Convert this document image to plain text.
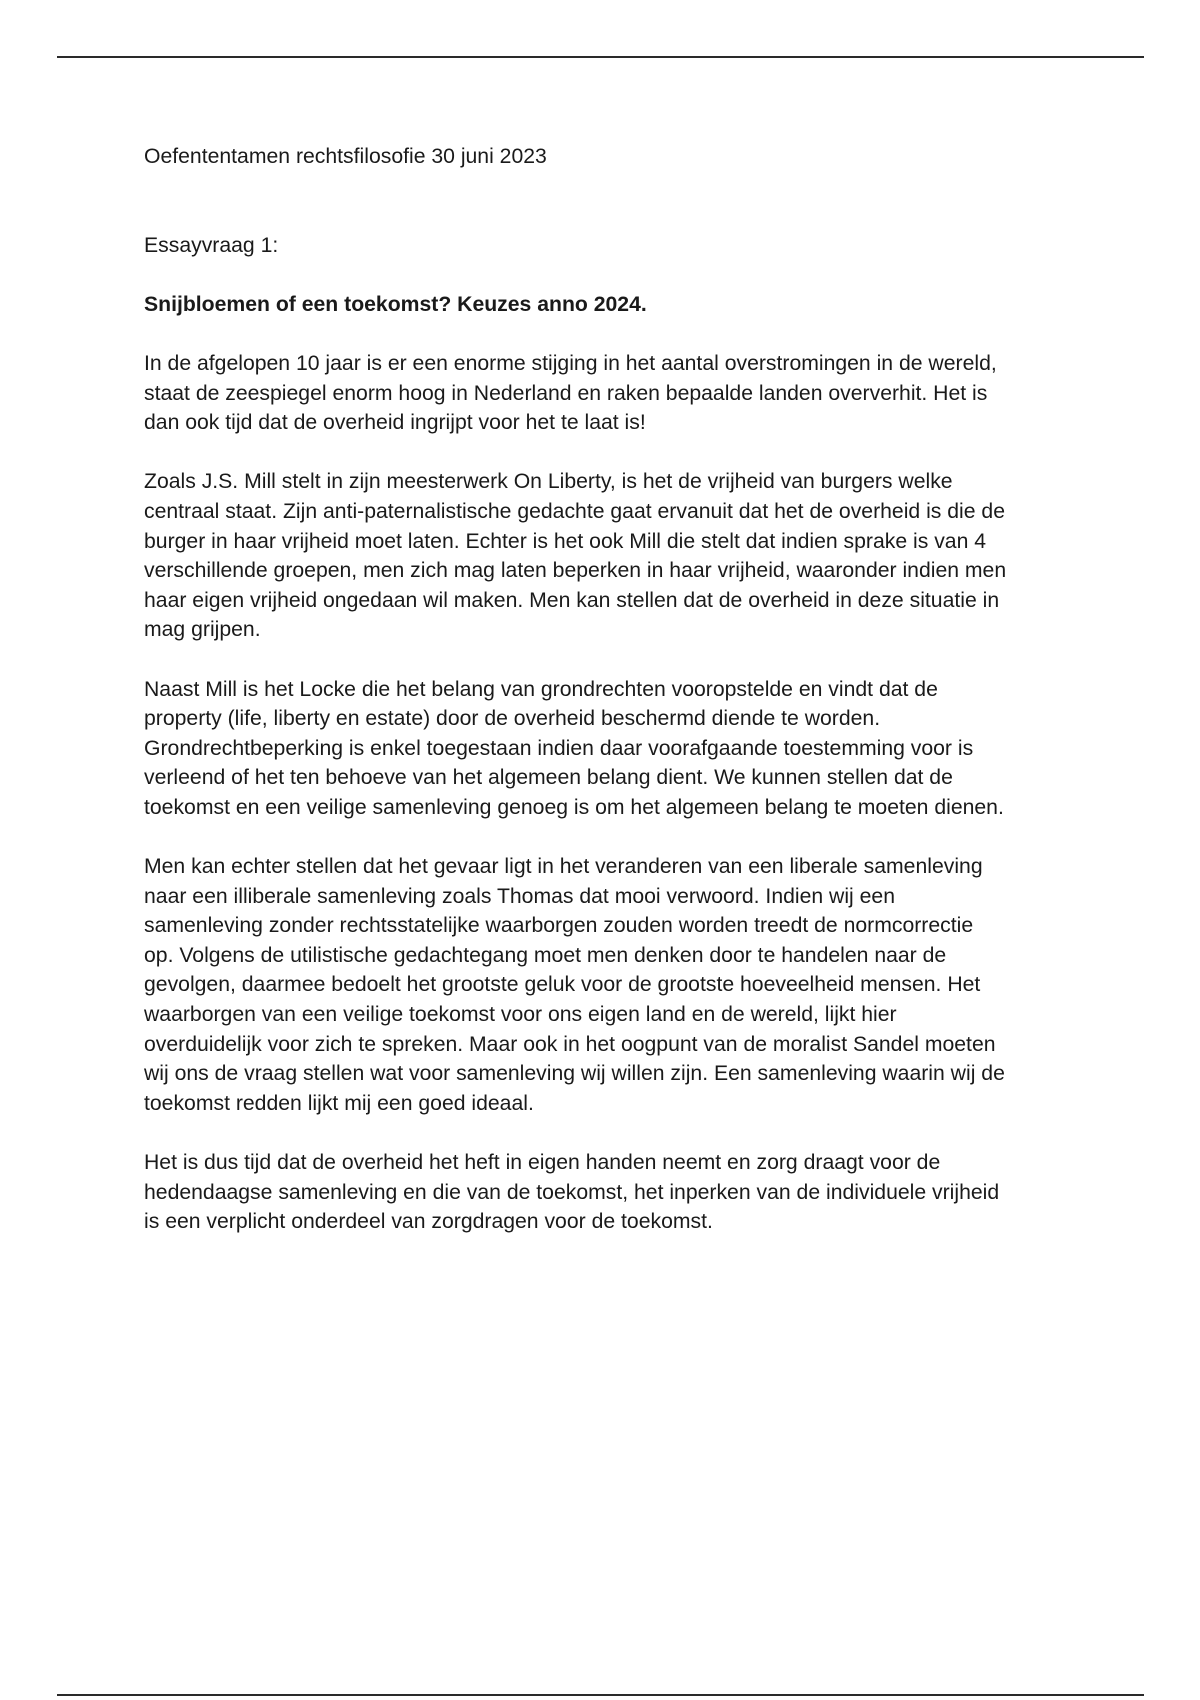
Oefententamen rechtsfilosofie 30 juni 2023

Essayvraag 1:

Snijbloemen of een toekomst? Keuzes anno 2024.

In de afgelopen 10 jaar is er een enorme stijging in het aantal overstromingen in de wereld,
staat de zeespiegel enorm hoog in Nederland en raken bepaalde landen oververhit. Het is
dan ook tijd dat de overheid ingrijpt voor het te laat is!

Zoals J.S. Mill stelt in zijn meesterwerk On Liberty, is het de vrijheid van burgers welke
centraal staat. Zijn anti-paternalistische gedachte gaat ervanuit dat het de overheid is die de
burger in haar vrijheid moet laten. Echter is het ook Mill die stelt dat indien sprake is van 4
verschillende groepen, men zich mag laten beperken in haar vrijheid, waaronder indien men
haar eigen vrijheid ongedaan wil maken. Men kan stellen dat de overheid in deze situatie in
mag grijpen.

Naast Mill is het Locke die het belang van grondrechten vooropstelde en vindt dat de
property (life, liberty en estate) door de overheid beschermd diende te worden.
Grondrechtbeperking is enkel toegestaan indien daar voorafgaande toestemming voor is
verleend of het ten behoeve van het algemeen belang dient. We kunnen stellen dat de
toekomst en een veilige samenleving genoeg is om het algemeen belang te moeten dienen.

Men kan echter stellen dat het gevaar ligt in het veranderen van een liberale samenleving
naar een illiberale samenleving zoals Thomas dat mooi verwoord. Indien wij een
samenleving zonder rechtsstatelijke waarborgen zouden worden treedt de normcorrectie
op. Volgens de utilistische gedachtegang moet men denken door te handelen naar de
gevolgen, daarmee bedoelt het grootste geluk voor de grootste hoeveelheid mensen. Het
waarborgen van een veilige toekomst voor ons eigen land en de wereld, lijkt hier
overduidelijk voor zich te spreken. Maar ook in het oogpunt van de moralist Sandel moeten
wij ons de vraag stellen wat voor samenleving wij willen zijn. Een samenleving waarin wij de
toekomst redden lijkt mij een goed ideaal.

Het is dus tijd dat de overheid het heft in eigen handen neemt en zorg draagt voor de
hedendaagse samenleving en die van de toekomst, het inperken van de individuele vrijheid
is een verplicht onderdeel van zorgdragen voor de toekomst.
